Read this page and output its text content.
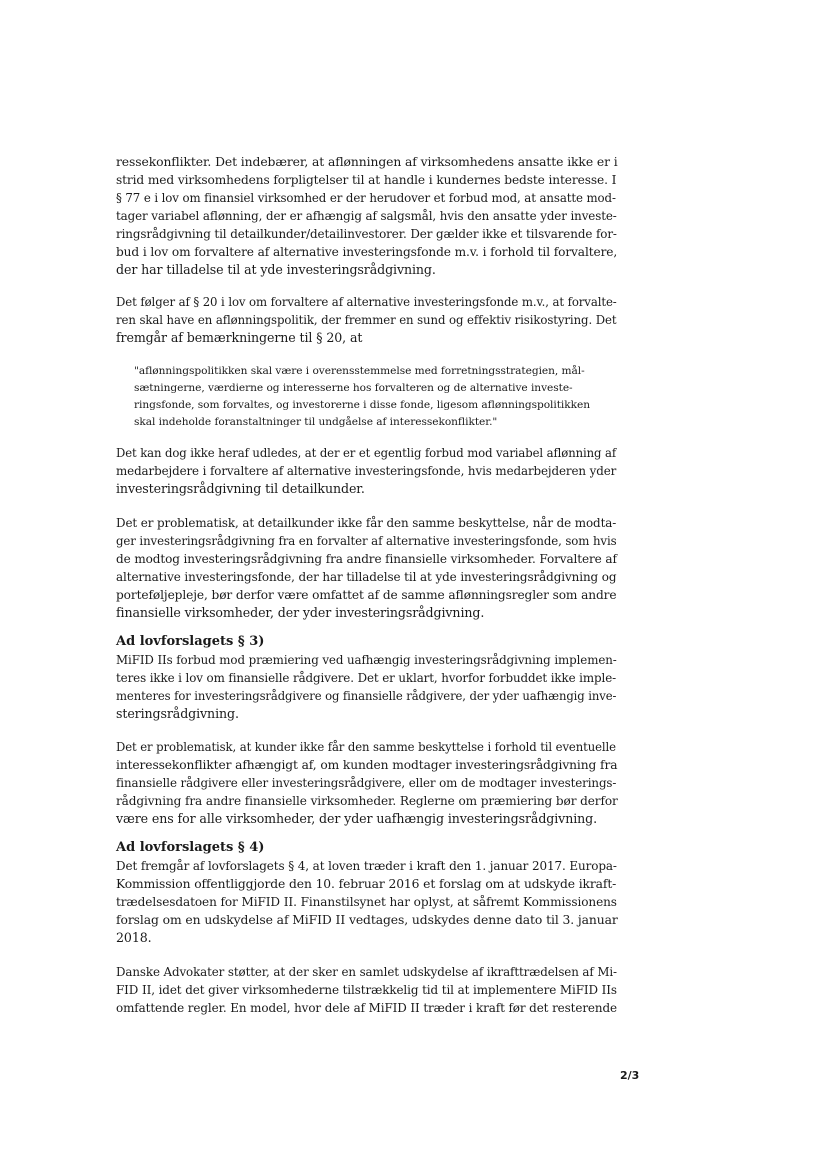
ressekonflikter. Det indebærer, at aflønningen af virksomhedens ansatte ikke er i
strid med virksomhedens forpligtelser til at handle i kundernes bedste interesse. I
§ 77 e i lov om finansiel virksomhed er der herudover et forbud mod, at ansatte mod-
tager variabel aflønning, der er afhængig af salgsmål, hvis den ansatte yder investe-
ringsrådgivning til detailkunder/detailinvestorer. Der gælder ikke et tilsvarende for-
bud i lov om forvaltere af alternative investeringsfonde m.v. i forhold til forvaltere,
der har tilladelse til at yde investeringsrådgivning.
Det følger af § 20 i lov om forvaltere af alternative investeringsfonde m.v., at forvalte-
ren skal have en aflønningspolitik, der fremmer en sund og effektiv risikostyring. Det
fremgår af bemærkningerne til § 20, at
"aflønningspolitikken skal være i overensstemmelse med forretningsstrategien, mål-
sætningerne, værdierne og interesserne hos forvalteren og de alternative investe-
ringsfonde, som forvaltes, og investorerne i disse fonde, ligesom aflønningspolitikken
skal indeholde foranstaltninger til undgåelse af interessekonflikter."
Det kan dog ikke heraf udledes, at der er et egentlig forbud mod variabel aflønning af
medarbejdere i forvaltere af alternative investeringsfonde, hvis medarbejderen yder
investeringsrådgivning til detailkunder.
Det er problematisk, at detailkunder ikke får den samme beskyttelse, når de modta-
ger investeringsrådgivning fra en forvalter af alternative investeringsfonde, som hvis
de modtog investeringsrådgivning fra andre finansielle virksomheder. Forvaltere af
alternative investeringsfonde, der har tilladelse til at yde investeringsrådgivning og
porteføljepleje, bør derfor være omfattet af de samme aflønningsregler som andre
finansielle virksomheder, der yder investeringsrådgivning.
Ad lovforslagets § 3)
MiFID IIs forbud mod præmiering ved uafhængig investeringsrådgivning implemen-
teres ikke i lov om finansielle rådgivere. Det er uklart, hvorfor forbuddet ikke imple-
menteres for investeringsrådgivere og finansielle rådgivere, der yder uafhængig inve-
steringsrådgivning.
Det er problematisk, at kunder ikke får den samme beskyttelse i forhold til eventuelle
interessekonflikter afhængigt af, om kunden modtager investeringsrådgivning fra
finansielle rådgivere eller investeringsrådgivere, eller om de modtager investerings-
rådgivning fra andre finansielle virksomheder. Reglerne om præmiering bør derfor
være ens for alle virksomheder, der yder uafhængig investeringsrådgivning.
Ad lovforslagets § 4)
Det fremgår af lovforslagets § 4, at loven træder i kraft den 1. januar 2017. Europa-
Kommission offentliggjorde den 10. februar 2016 et forslag om at udskyde ikraft-
trædelsesdatoen for MiFID II. Finanstilsynet har oplyst, at såfremt Kommissionens
forslag om en udskydelse af MiFID II vedtages, udskydes denne dato til 3. januar
2018.
Danske Advokater støtter, at der sker en samlet udskydelse af ikrafttrædelsen af Mi-
FID II, idet det giver virksomhederne tilstrækkelig tid til at implementere MiFID IIs
omfattende regler. En model, hvor dele af MiFID II træder i kraft før det resterende
2/3
